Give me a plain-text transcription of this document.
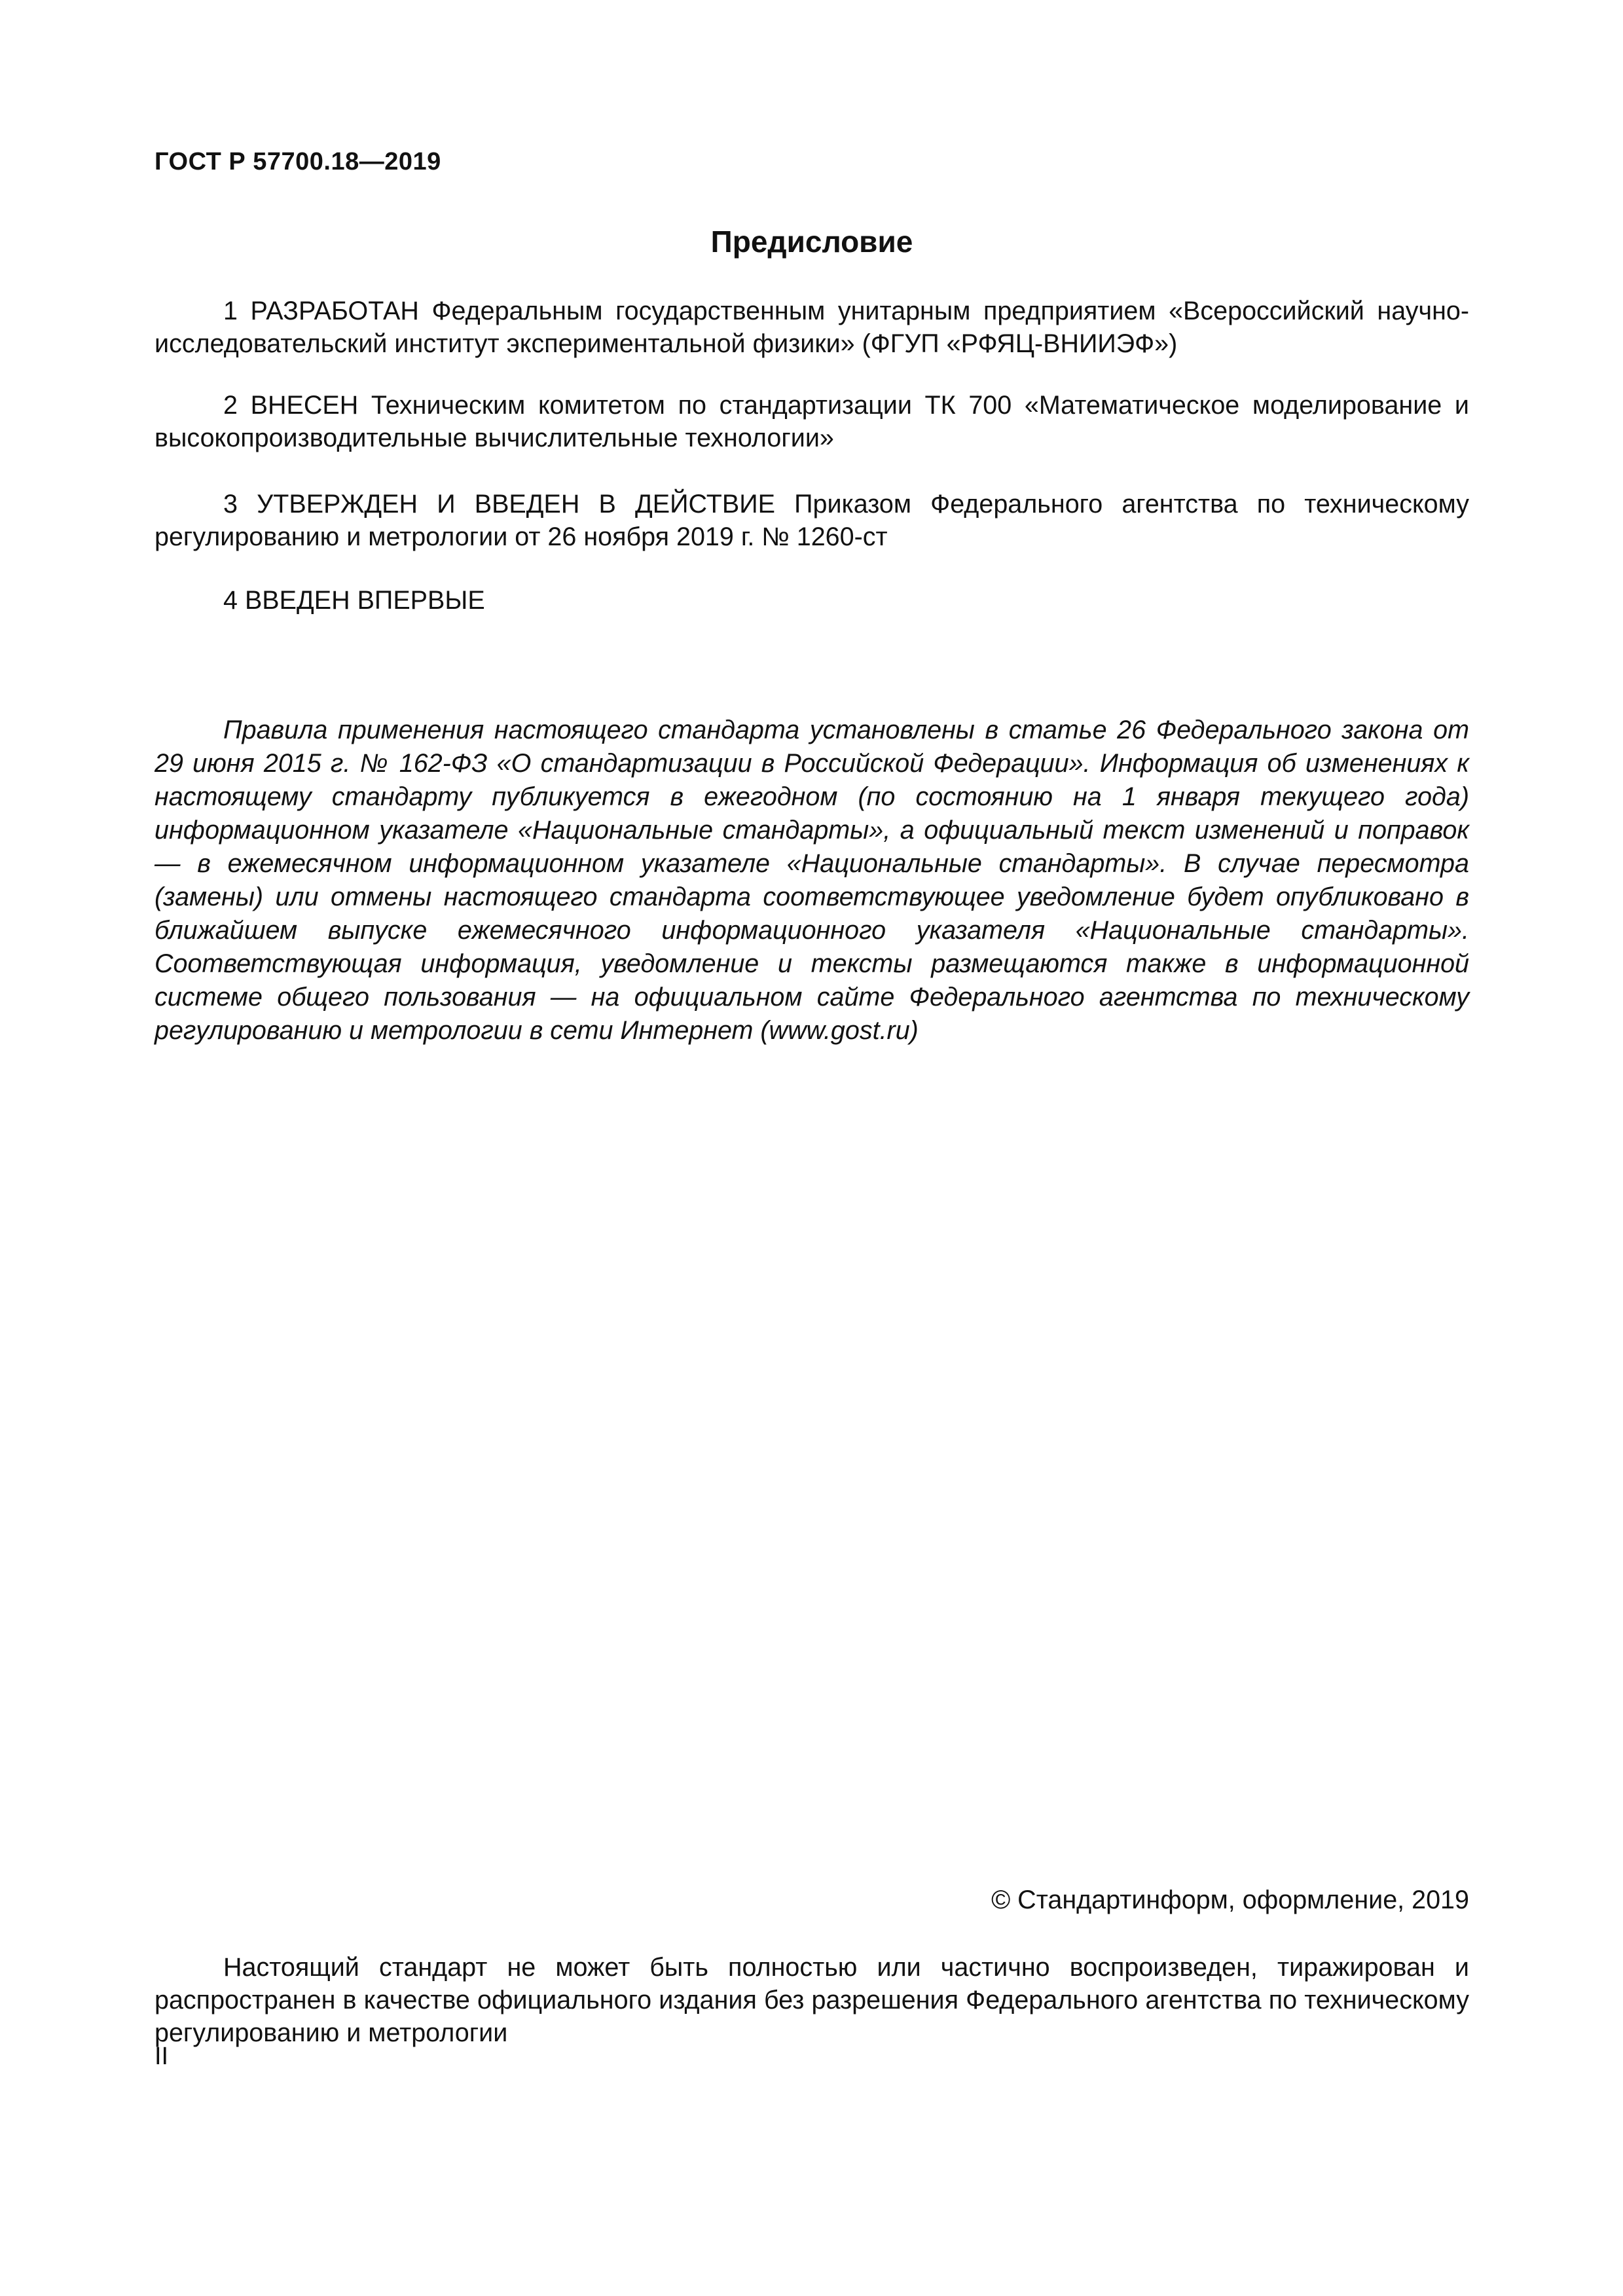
ГОСТ Р 57700.18—2019
Предисловие
1 РАЗРАБОТАН Федеральным государственным унитарным предприятием «Всероссийский научно-исследовательский институт экспериментальной физики» (ФГУП «РФЯЦ-ВНИИЭФ»)
2 ВНЕСЕН Техническим комитетом по стандартизации ТК 700 «Математическое моделирование и высокопроизводительные вычислительные технологии»
3 УТВЕРЖДЕН И ВВЕДЕН В ДЕЙСТВИЕ Приказом Федерального агентства по техническому регулированию и метрологии от 26 ноября 2019 г. № 1260-ст
4 ВВЕДЕН ВПЕРВЫЕ
Правила применения настоящего стандарта установлены в статье 26 Федерального закона от 29 июня 2015 г. № 162-ФЗ «О стандартизации в Российской Федерации». Информация об изменениях к настоящему стандарту публикуется в ежегодном (по состоянию на 1 января текущего года) информационном указателе «Национальные стандарты», а официальный текст изменений и поправок — в ежемесячном информационном указателе «Национальные стандарты». В случае пересмотра (замены) или отмены настоящего стандарта соответствующее уведомление будет опубликовано в ближайшем выпуске ежемесячного информационного указателя «Национальные стандарты». Соответствующая информация, уведомление и тексты размещаются также в информационной системе общего пользования — на официальном сайте Федерального агентства по техническому регулированию и метрологии в сети Интернет (www.gost.ru)
© Стандартинформ, оформление, 2019
Настоящий стандарт не может быть полностью или частично воспроизведен, тиражирован и распространен в качестве официального издания без разрешения Федерального агентства по техническому регулированию и метрологии
II
